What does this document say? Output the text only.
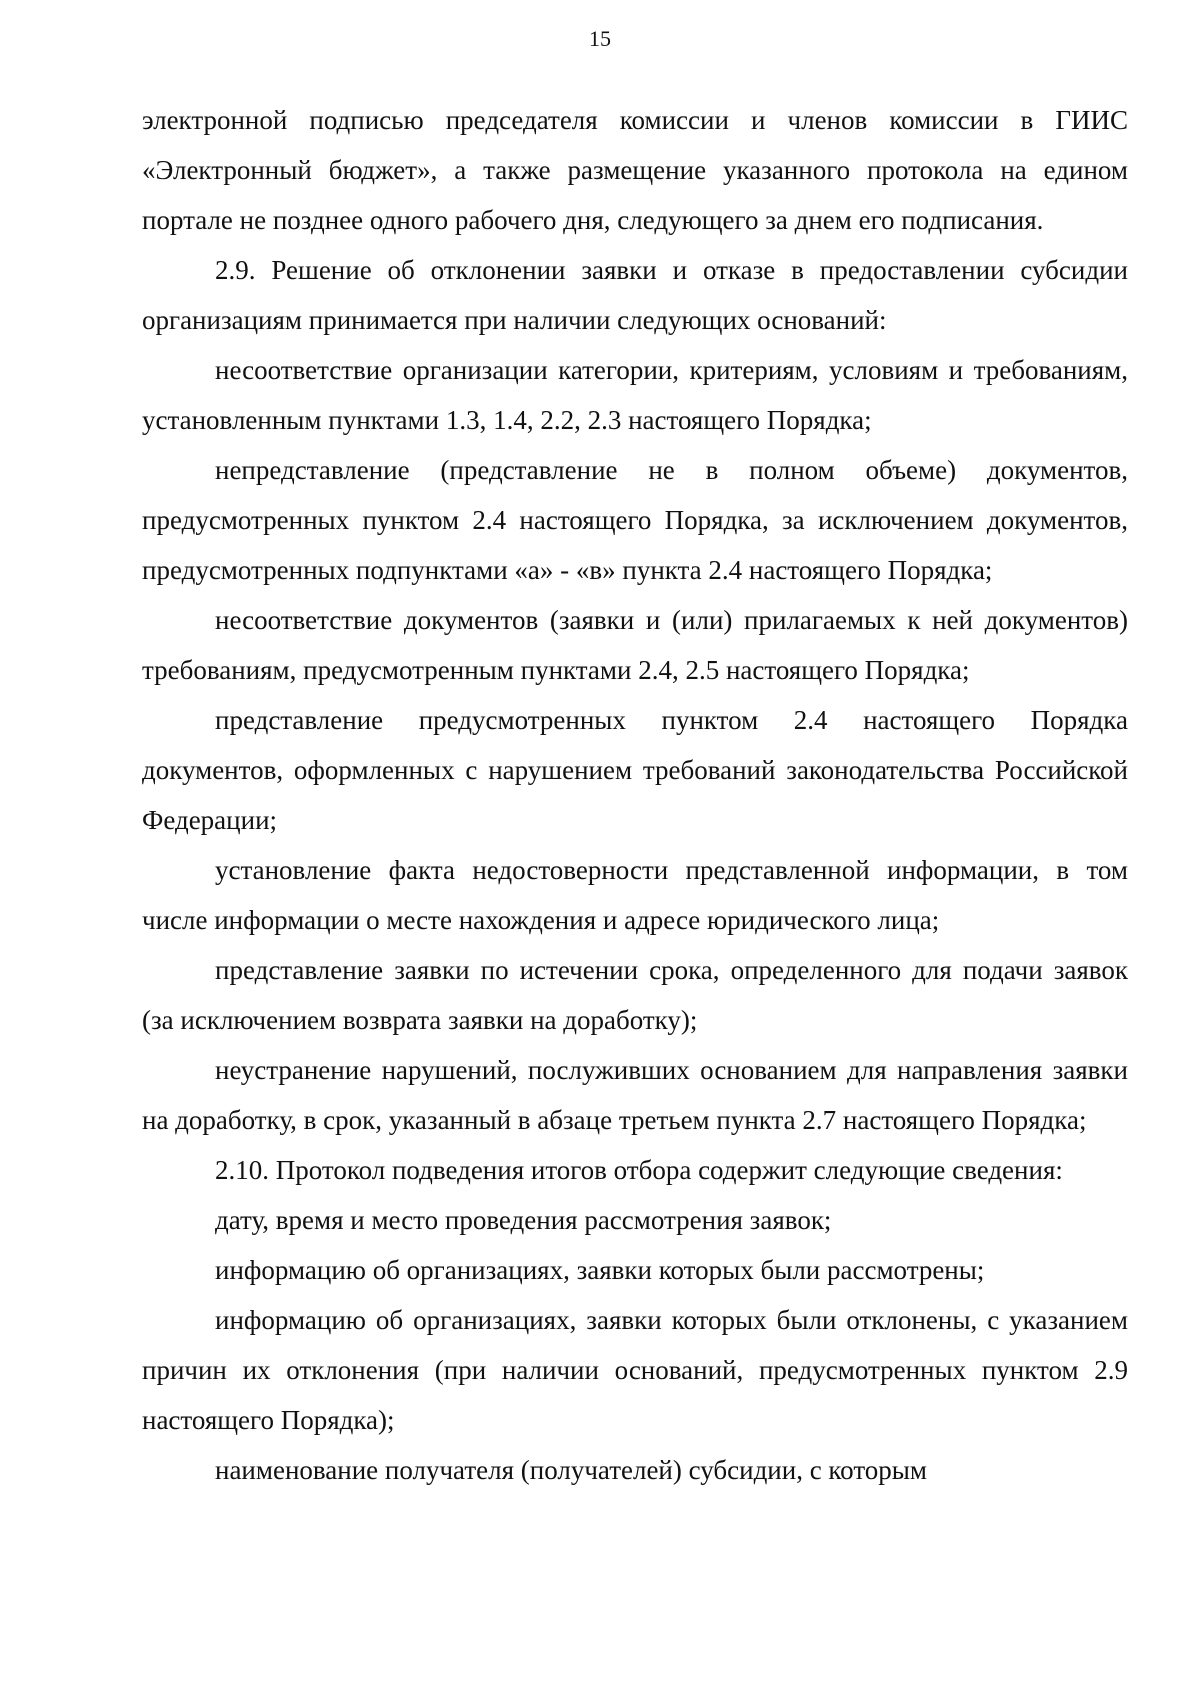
15

электронной подписью председателя комиссии и членов комиссии в ГИИС «Электронный бюджет», а также размещение указанного протокола на едином портале не позднее одного рабочего дня, следующего за днем его подписания.

2.9. Решение об отклонении заявки и отказе в предоставлении субсидии организациям принимается при наличии следующих оснований:

несоответствие организации категории, критериям, условиям и требованиям, установленным пунктами 1.3, 1.4, 2.2, 2.3 настоящего Порядка;

непредставление (представление не в полном объеме) документов, предусмотренных пунктом 2.4 настоящего Порядка, за исключением документов, предусмотренных подпунктами «а» - «в» пункта 2.4 настоящего Порядка;

несоответствие документов (заявки и (или) прилагаемых к ней документов) требованиям, предусмотренным пунктами 2.4, 2.5 настоящего Порядка;

представление предусмотренных пунктом 2.4 настоящего Порядка документов, оформленных с нарушением требований законодательства Российской Федерации;

установление факта недостоверности представленной информации, в том числе информации о месте нахождения и адресе юридического лица;

представление заявки по истечении срока, определенного для подачи заявок (за исключением возврата заявки на доработку);

неустранение нарушений, послуживших основанием для направления заявки на доработку, в срок, указанный в абзаце третьем пункта 2.7 настоящего Порядка;

2.10. Протокол подведения итогов отбора содержит следующие сведения:

дату, время и место проведения рассмотрения заявок;

информацию об организациях, заявки которых были рассмотрены;

информацию об организациях, заявки которых были отклонены, с указанием причин их отклонения (при наличии оснований, предусмотренных пунктом 2.9 настоящего Порядка);

наименование получателя (получателей) субсидии, с которым
